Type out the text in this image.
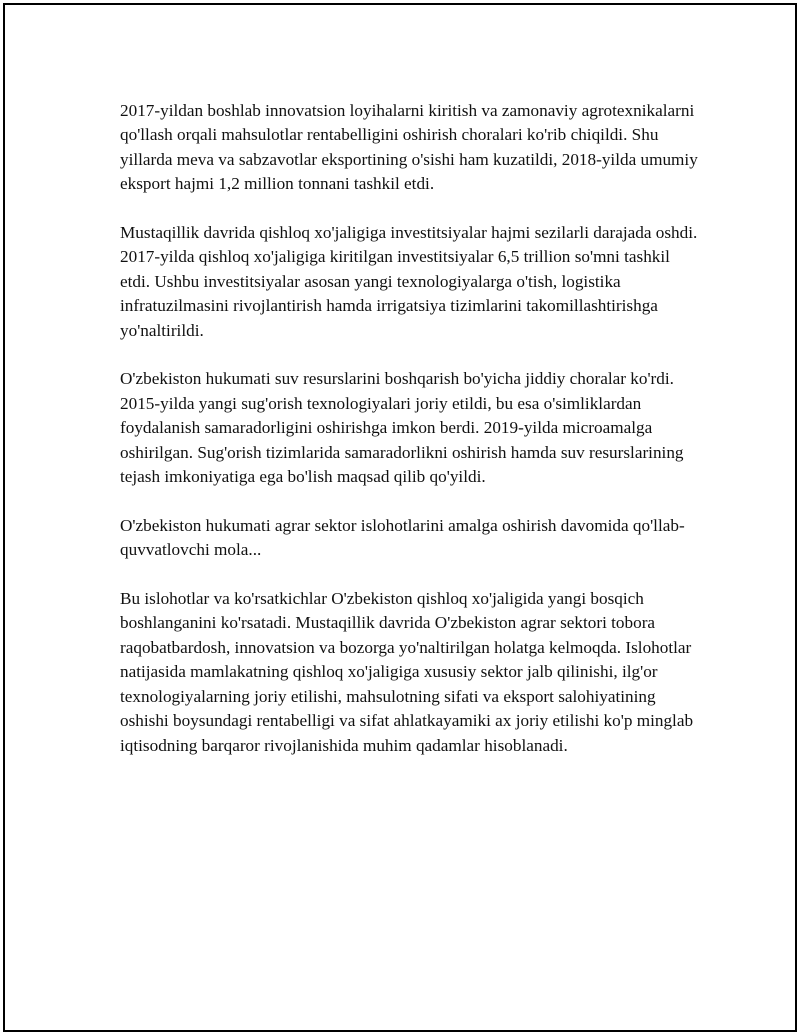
2017-yildan boshlab innovatsion loyihalarni kiritish va zamonaviy agrotexnikalarni qo'llash orqali mahsulotlar rentabelligini oshirish choralari ko'rib chiqildi. Shu yillarda meva va sabzavotlar eksportining o'sishi ham kuzatildi, 2018-yilda umumiy eksport hajmi 1,2 million tonnani tashkil etdi.

Mustaqillik davrida qishloq xo'jaligiga investitsiyalar hajmi sezilarli darajada oshdi. 2017-yilda qishloq xo'jaligiga kiritilgan investitsiyalar 6,5 trillion so'mni tashkil etdi. Ushbu investitsiyalar asosan yangi texnologiyalarga o'tish, logistika infratuzilmasini rivojlantirish hamda irrigatsiya tizimlarini takomillashtirishga yo'naltirildi.

O'zbekiston hukumati suv resurslarini boshqarish bo'yicha jiddiy choralar ko'rdi. 2015-yilda yangi sug'orish texnologiyalari joriy etildi, bu esa o'simliklardan foydalanish samaradorligini oshirishga imkon berdi. 2019-yilda microamalga oshirilgan. Sug'orish tizimlarida samaradorlikni oshirish hamda suv resurslarining tejash imkoniyatiga ega bo'lish maqsad qilib qo'yildi.

O'zbekiston hukumati agrar sektor islohotlarini amalga oshirish davomida qo'llab-quvvatlovchi mola...

Bu islohotlar va ko'rsatkichlar O'zbekiston qishloq xo'jaligida yangi bosqich boshlanganini ko'rsatadi. Mustaqillik davrida O'zbekiston agrar sektori tobora raqobatbardosh, innovatsion va bozorga yo'naltirilgan holatga kelmoqda. Islohotlar natijasida mamlakatning qishloq xo'jaligiga xususiy sektor jalb qilinishi, ilg'or texnologiyalarning joriy etilishi, mahsulotning sifati va eksport salohiyatining oshishi boysundagi rentabelligi va sifat ahlatkayamiki ax joriy etilishi ko'p minglab iqtisodning barqaror rivojlanishida muhim qadamlar hisoblanadi.
